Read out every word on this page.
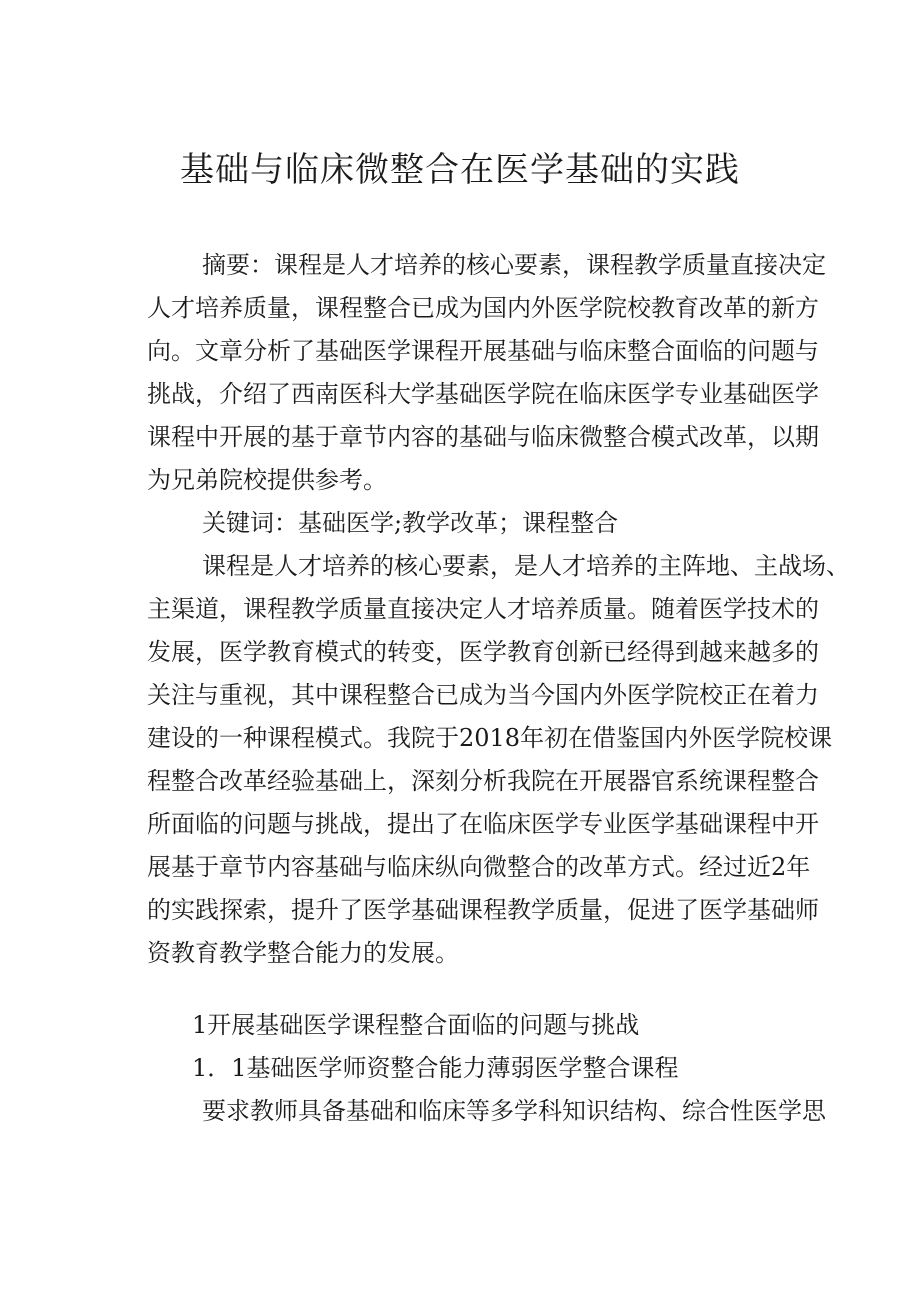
基础与临床微整合在医学基础的实践

摘要：课程是人才培养的核心要素，课程教学质量直接决定

人才培养质量，课程整合已成为国内外医学院校教育改革的新方

向。文章分析了基础医学课程开展基础与临床整合面临的问题与

挑战，介绍了西南医科大学基础医学院在临床医学专业基础医学

课程中开展的基于章节内容的基础与临床微整合模式改革，以期

为兄弟院校提供参考。

关键词：基础医学;教学改革；课程整合

课程是人才培养的核心要素，是人才培养的主阵地、主战场、

主渠道，课程教学质量直接决定人才培养质量。随着医学技术的

发展，医学教育模式的转变，医学教育创新已经得到越来越多的

关注与重视，其中课程整合已成为当今国内外医学院校正在着力

建设的一种课程模式。我院于2018年初在借鉴国内外医学院校课

程整合改革经验基础上，深刻分析我院在开展器官系统课程整合

所面临的问题与挑战，提出了在临床医学专业医学基础课程中开

展基于章节内容基础与临床纵向微整合的改革方式。经过近2年

的实践探索，提升了医学基础课程教学质量，促进了医学基础师

资教育教学整合能力的发展。

1开展基础医学课程整合面临的问题与挑战

1．1基础医学师资整合能力薄弱医学整合课程

要求教师具备基础和临床等多学科知识结构、综合性医学思
